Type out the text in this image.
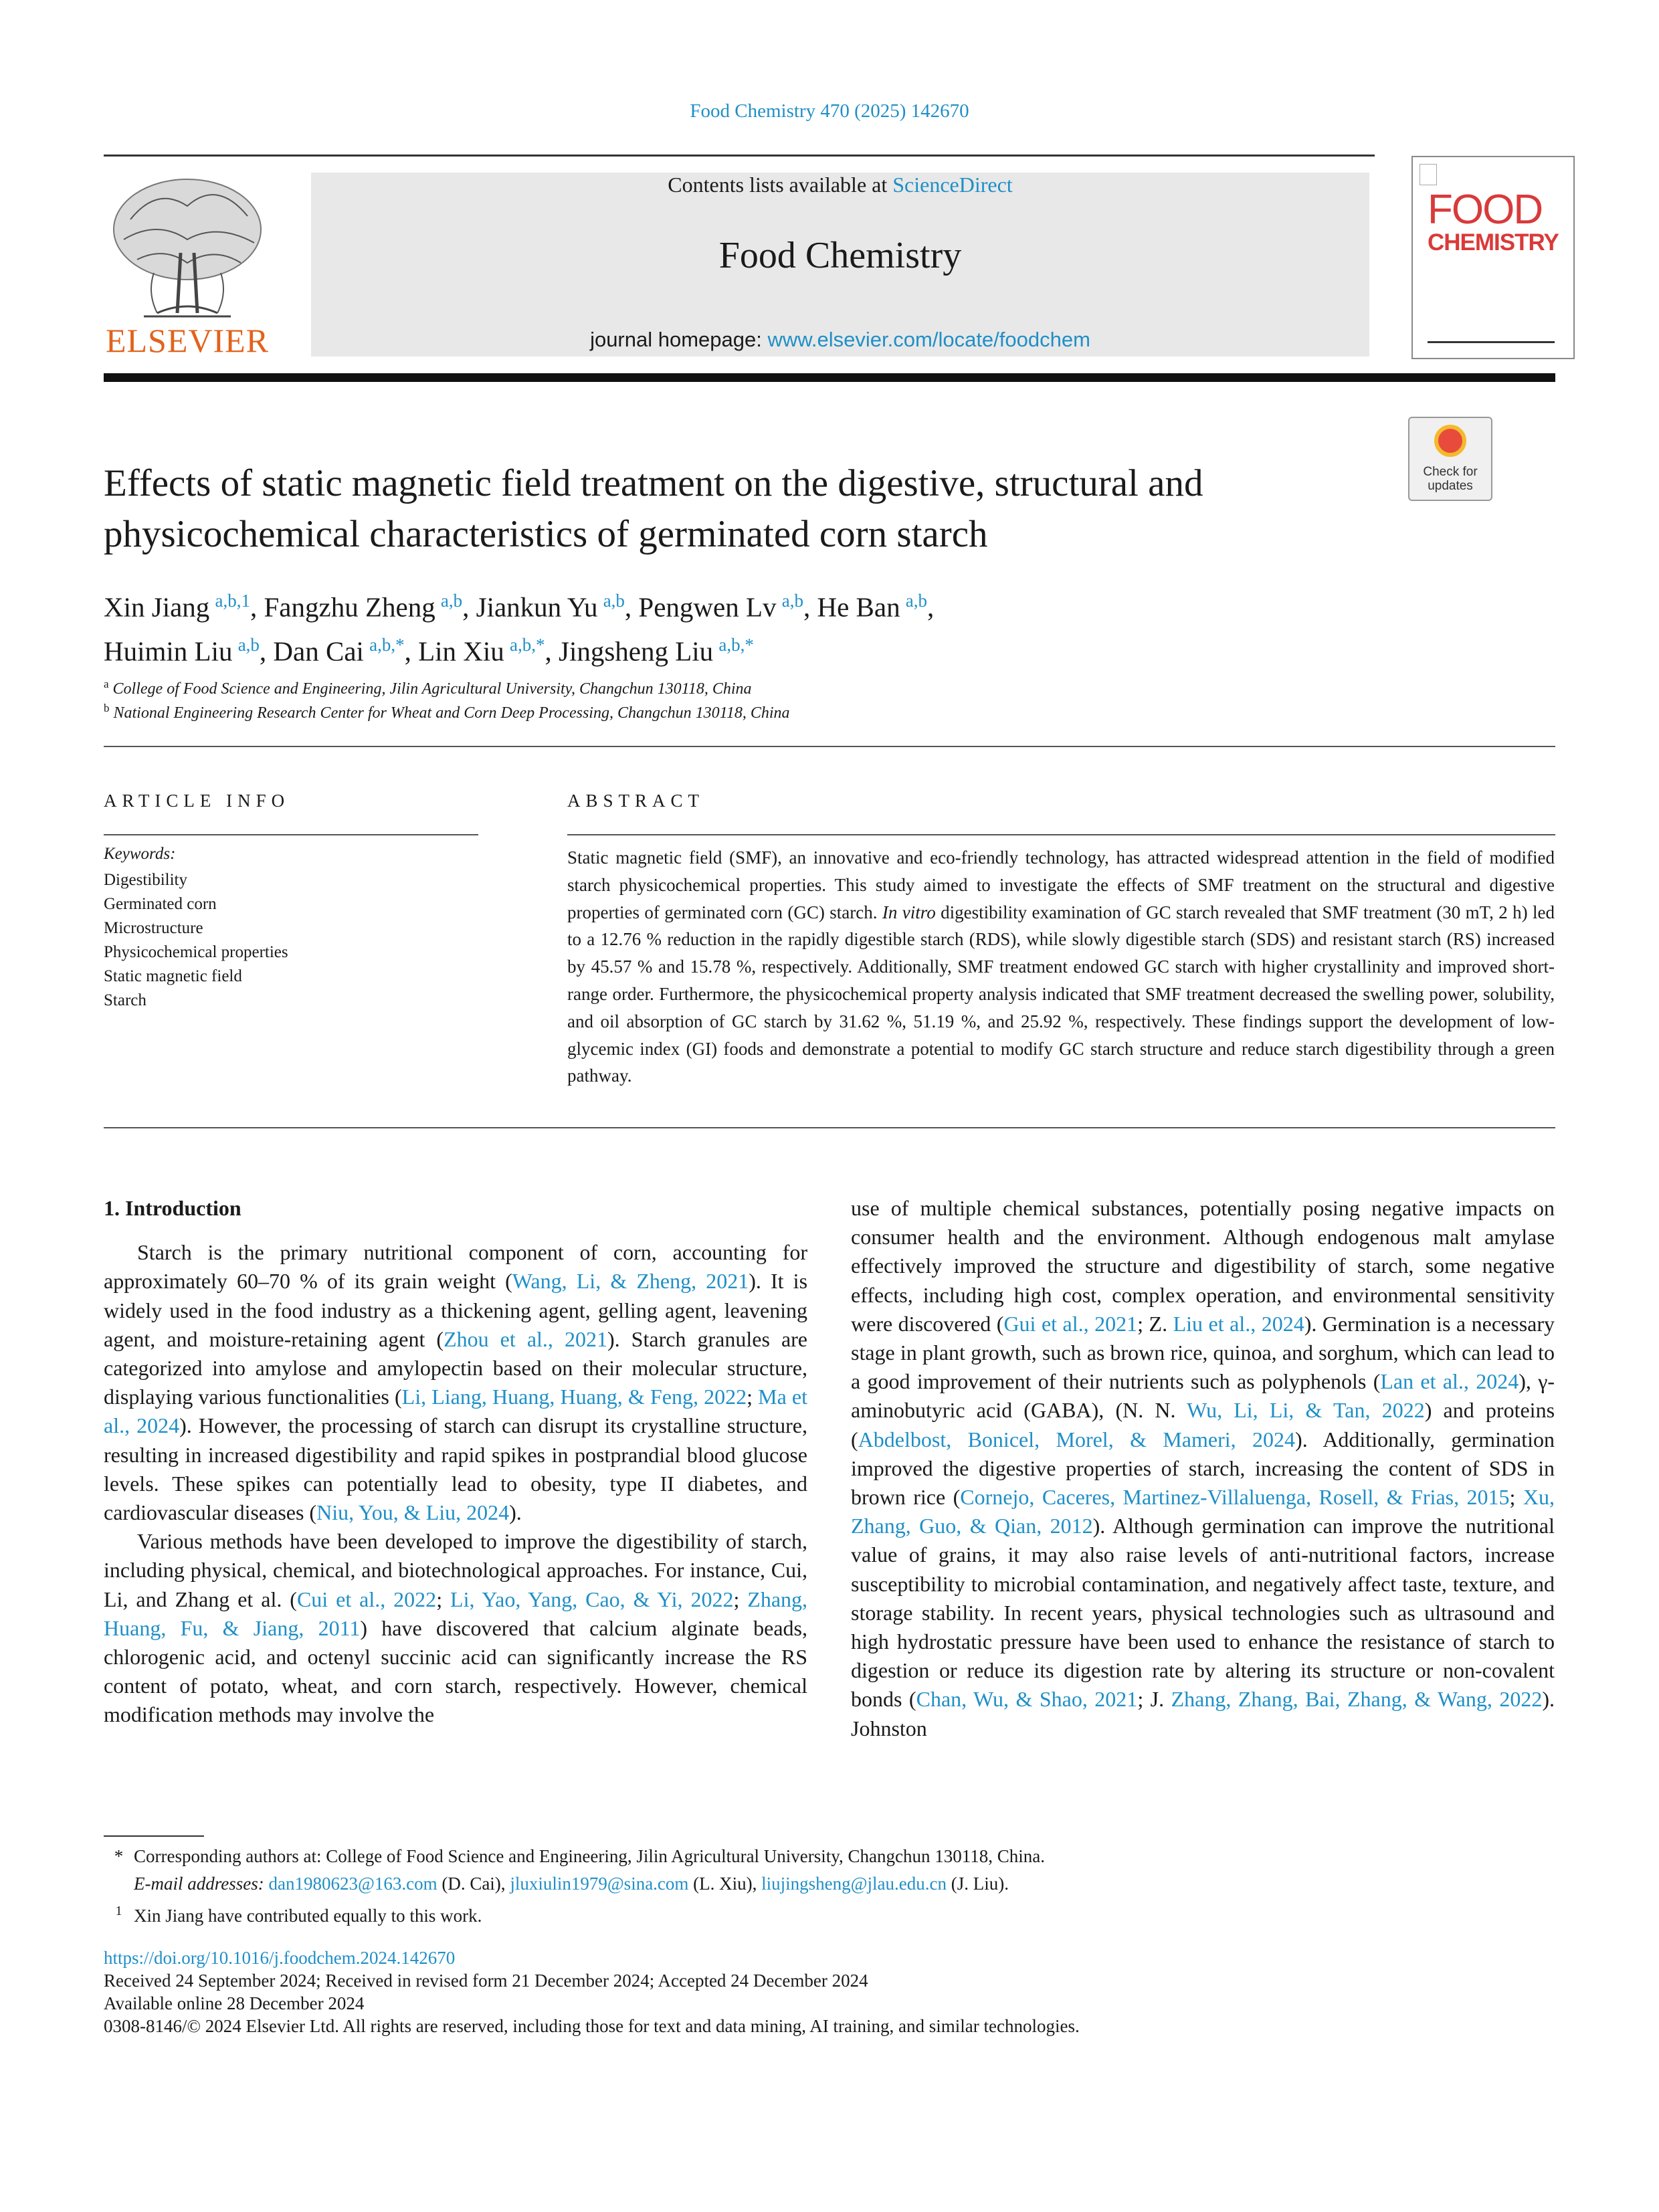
Food Chemistry 470 (2025) 142670
ELSEVIER
Contents lists available at ScienceDirect
Food Chemistry
journal homepage: www.elsevier.com/locate/foodchem
FOOD
CHEMISTRY
Check for updates
Effects of static magnetic field treatment on the digestive, structural and physicochemical characteristics of germinated corn starch
Xin Jiang $^{a,b,1}$, Fangzhu Zheng $^{a,b}$, Jiankun Yu $^{a,b}$, Pengwen Lv $^{a,b}$, He Ban $^{a,b}$,
Huimin Liu $^{a,b}$, Dan Cai $^{a,b,*}$, Lin Xiu $^{a,b,*}$, Jingsheng Liu $^{a,b,*}$
$^a$ College of Food Science and Engineering, Jilin Agricultural University, Changchun 130118, China
$^b$ National Engineering Research Center for Wheat and Corn Deep Processing, Changchun 130118, China
ARTICLE INFO
Keywords:
Digestibility
Germinated corn
Microstructure
Physicochemical properties
Static magnetic field
Starch
ABSTRACT
Static magnetic field (SMF), an innovative and eco-friendly technology, has attracted widespread attention in the field of modified starch physicochemical properties. This study aimed to investigate the effects of SMF treatment on the structural and digestive properties of germinated corn (GC) starch. In vitro digestibility examination of GC starch revealed that SMF treatment (30 mT, 2 h) led to a 12.76 % reduction in the rapidly digestible starch (RDS), while slowly digestible starch (SDS) and resistant starch (RS) increased by 45.57 % and 15.78 %, respectively. Additionally, SMF treatment endowed GC starch with higher crystallinity and improved short-range order. Furthermore, the physicochemical property analysis indicated that SMF treatment decreased the swelling power, solubility, and oil absorption of GC starch by 31.62 %, 51.19 %, and 25.92 %, respectively. These findings support the development of low-glycemic index (GI) foods and demonstrate a potential to modify GC starch structure and reduce starch digestibility through a green pathway.

1. Introduction

Starch is the primary nutritional component of corn, accounting for approximately 60–70 % of its grain weight (Wang, Li, & Zheng, 2021). It is widely used in the food industry as a thickening agent, gelling agent, leavening agent, and moisture-retaining agent (Zhou et al., 2021). Starch granules are categorized into amylose and amylopectin based on their molecular structure, displaying various functionalities (Li, Liang, Huang, Huang, & Feng, 2022; Ma et al., 2024). However, the processing of starch can disrupt its crystalline structure, resulting in increased digestibility and rapid spikes in postprandial blood glucose levels. These spikes can potentially lead to obesity, type II diabetes, and cardiovascular diseases (Niu, You, & Liu, 2024).

Various methods have been developed to improve the digestibility of starch, including physical, chemical, and biotechnological approaches. For instance, Cui, Li, and Zhang et al. (Cui et al., 2022; Li, Yao, Yang, Cao, & Yi, 2022; Zhang, Huang, Fu, & Jiang, 2011) have discovered that calcium alginate beads, chlorogenic acid, and octenyl succinic acid can significantly increase the RS content of potato, wheat, and corn starch, respectively. However, chemical modification methods may involve the

use of multiple chemical substances, potentially posing negative impacts on consumer health and the environment. Although endogenous malt amylase effectively improved the structure and digestibility of starch, some negative effects, including high cost, complex operation, and environmental sensitivity were discovered (Gui et al., 2021; Z. Liu et al., 2024). Germination is a necessary stage in plant growth, such as brown rice, quinoa, and sorghum, which can lead to a good improvement of their nutrients such as polyphenols (Lan et al., 2024), γ-aminobutyric acid (GABA), (N. N. Wu, Li, Li, & Tan, 2022) and proteins (Abdelbost, Bonicel, Morel, & Mameri, 2024). Additionally, germination improved the digestive properties of starch, increasing the content of SDS in brown rice (Cornejo, Caceres, Martinez-Villaluenga, Rosell, & Frias, 2015; Xu, Zhang, Guo, & Qian, 2012). Although germination can improve the nutritional value of grains, it may also raise levels of anti-nutritional factors, increase susceptibility to microbial contamination, and negatively affect taste, texture, and storage stability. In recent years, physical technologies such as ultrasound and high hydrostatic pressure have been used to enhance the resistance of starch to digestion or reduce its digestion rate by altering its structure or non-covalent bonds (Chan, Wu, & Shao, 2021; J. Zhang, Zhang, Bai, Zhang, & Wang, 2022). Johnston

* Corresponding authors at: College of Food Science and Engineering, Jilin Agricultural University, Changchun 130118, China.
E-mail addresses: dan1980623@163.com (D. Cai), jluxiulin1979@sina.com (L. Xiu), liujingsheng@jlau.edu.cn (J. Liu).
$^1$ Xin Jiang have contributed equally to this work.
https://doi.org/10.1016/j.foodchem.2024.142670
Received 24 September 2024; Received in revised form 21 December 2024; Accepted 24 December 2024
Available online 28 December 2024
0308-8146/© 2024 Elsevier Ltd. All rights are reserved, including those for text and data mining, AI training, and similar technologies.
